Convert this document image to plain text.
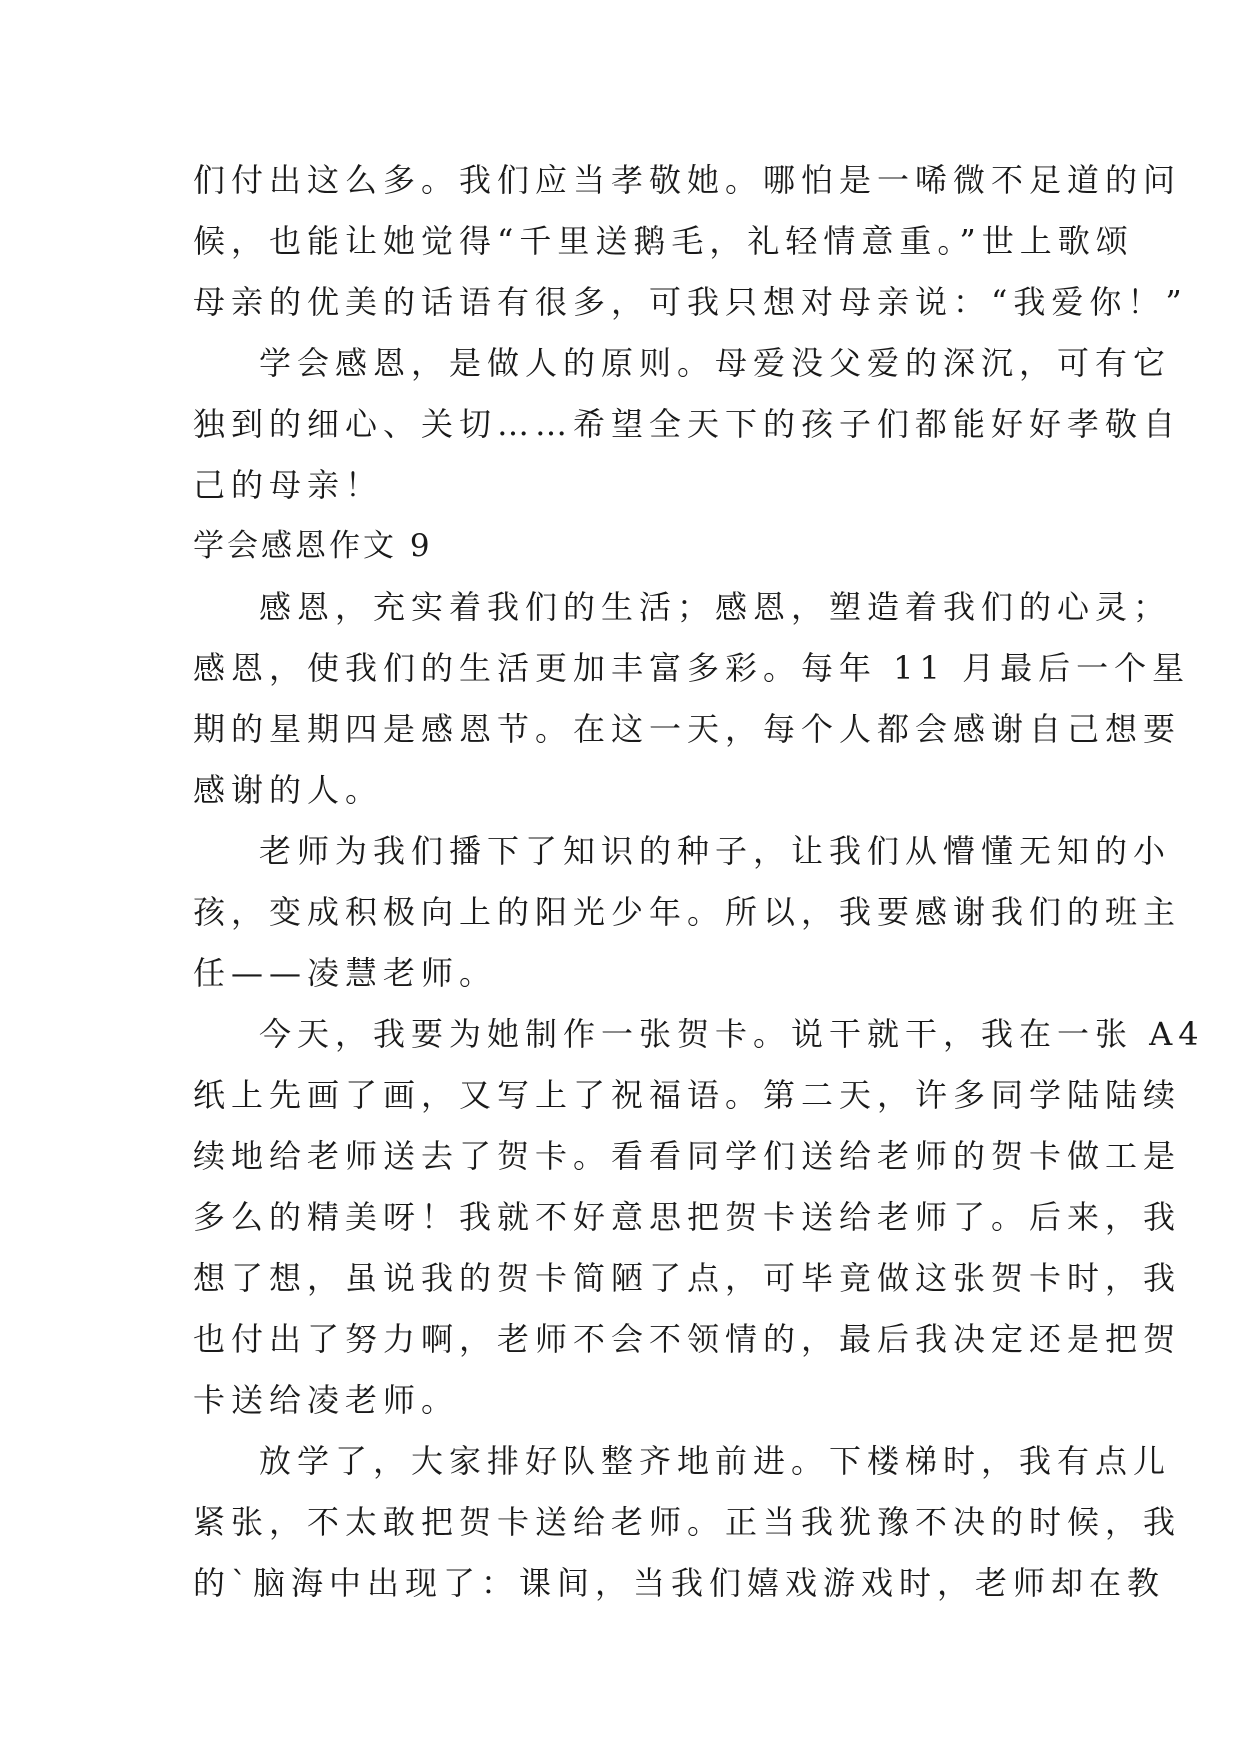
们付出这么多。我们应当孝敬她。哪怕是一唏微不足道的问

候，也能让她觉得“千里送鹅毛，礼轻情意重。”世上歌颂

母亲的优美的话语有很多，可我只想对母亲说：“我爱你！”

学会感恩，是做人的原则。母爱没父爱的深沉，可有它

独到的细心、关切……希望全天下的孩子们都能好好孝敬自

己的母亲！

学会感恩作文 9

感恩，充实着我们的生活；感恩，塑造着我们的心灵；

感恩，使我们的生活更加丰富多彩。每年 11 月最后一个星

期的星期四是感恩节。在这一天，每个人都会感谢自己想要

感谢的人。

老师为我们播下了知识的种子，让我们从懵懂无知的小

孩，变成积极向上的阳光少年。所以，我要感谢我们的班主

任——凌慧老师。

今天，我要为她制作一张贺卡。说干就干，我在一张 A4

纸上先画了画，又写上了祝福语。第二天，许多同学陆陆续

续地给老师送去了贺卡。看看同学们送给老师的贺卡做工是

多么的精美呀！我就不好意思把贺卡送给老师了。后来，我

想了想，虽说我的贺卡简陋了点，可毕竟做这张贺卡时，我

也付出了努力啊，老师不会不领情的，最后我决定还是把贺

卡送给凌老师。

放学了，大家排好队整齐地前进。下楼梯时，我有点儿

紧张，不太敢把贺卡送给老师。正当我犹豫不决的时候，我

的`脑海中出现了：课间，当我们嬉戏游戏时，老师却在教
